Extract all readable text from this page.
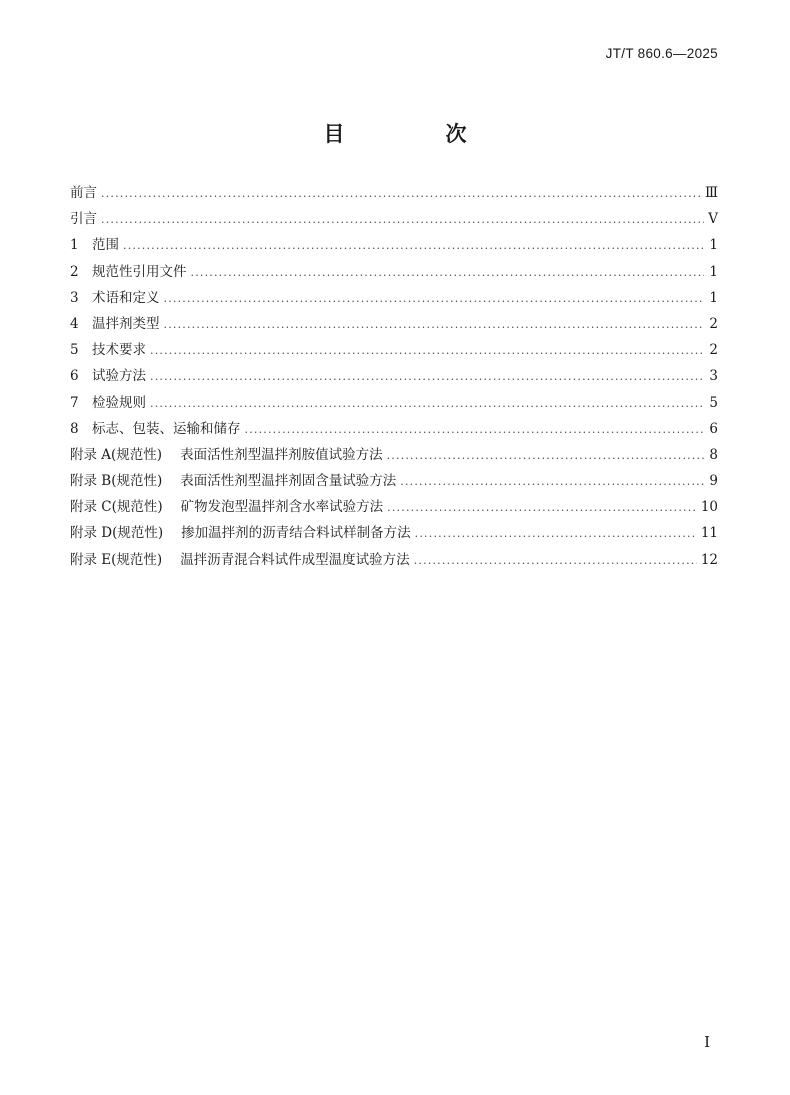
JT/T 860.6—2025
目　次
前言 .....	Ⅲ
引言 .....	Ⅴ
1 范围 .....	1
2 规范性引用文件 .....	1
3 术语和定义 .....	1
4 温拌剂类型 .....	2
5 技术要求 .....	2
6 试验方法 .....	3
7 检验规则 .....	5
8 标志、包装、运输和储存 .....	6
附录 A(规范性) 表面活性剂型温拌剂胺值试验方法 .....	8
附录 B(规范性) 表面活性剂型温拌剂固含量试验方法 .....	9
附录 C(规范性) 矿物发泡型温拌剂含水率试验方法 .....	10
附录 D(规范性) 掺加温拌剂的沥青结合料试样制备方法 .....	11
附录 E(规范性) 温拌沥青混合料试件成型温度试验方法 .....	12
Ⅰ
